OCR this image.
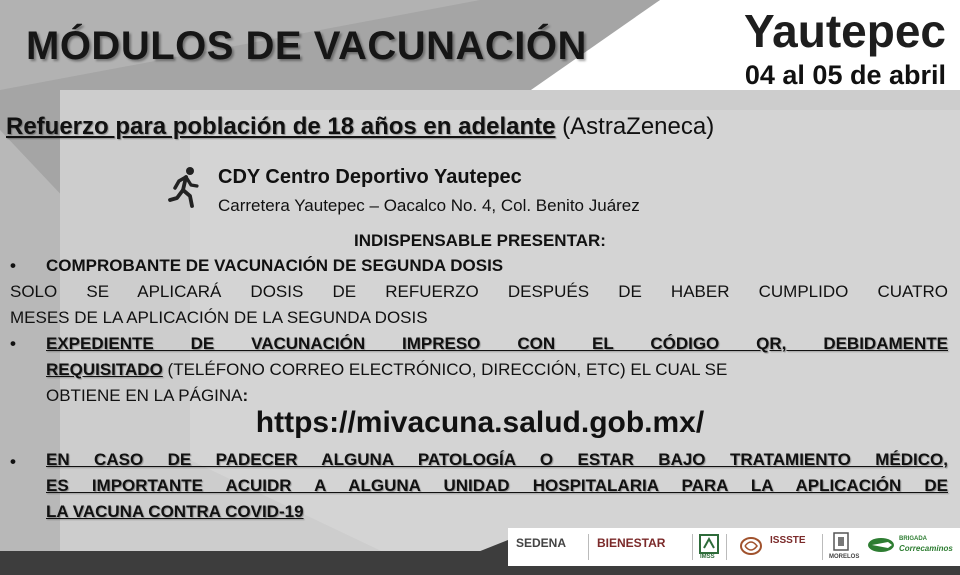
MÓDULOS DE VACUNACIÓN	Yautepec
04 al 05 de abril
Refuerzo para población de 18 años en adelante (AstraZeneca)
CDY Centro Deportivo Yautepec
Carretera Yautepec – Oacalco No. 4, Col. Benito Juárez
INDISPENSABLE PRESENTAR:
• COMPROBANTE DE VACUNACIÓN DE SEGUNDA DOSIS
SOLO SE APLICARÁ DOSIS DE REFUERZO DESPUÉS DE HABER CUMPLIDO CUATRO
MESES DE LA APLICACIÓN DE LA SEGUNDA DOSIS
• EXPEDIENTE DE VACUNACIÓN IMPRESO CON EL CÓDIGO QR, DEBIDAMENTE
REQUISITADO (TELÉFONO CORREO ELECTRÓNICO, DIRECCIÓN, ETC) EL CUAL SE
OBTIENE EN LA PÁGINA:
https://mivacuna.salud.gob.mx/
• EN CASO DE PADECER ALGUNA PATOLOGÍA O ESTAR BAJO TRATAMIENTO MÉDICO,
ES IMPORTANTE ACUIDR A ALGUNA UNIDAD HOSPITALARIA PARA LA APLICACIÓN DE
LA VACUNA CONTRA COVID-19
SEDENA	BIENESTAR
IMSS
ISSSTE
MORELOS
BRIGADA
Correcaminos
